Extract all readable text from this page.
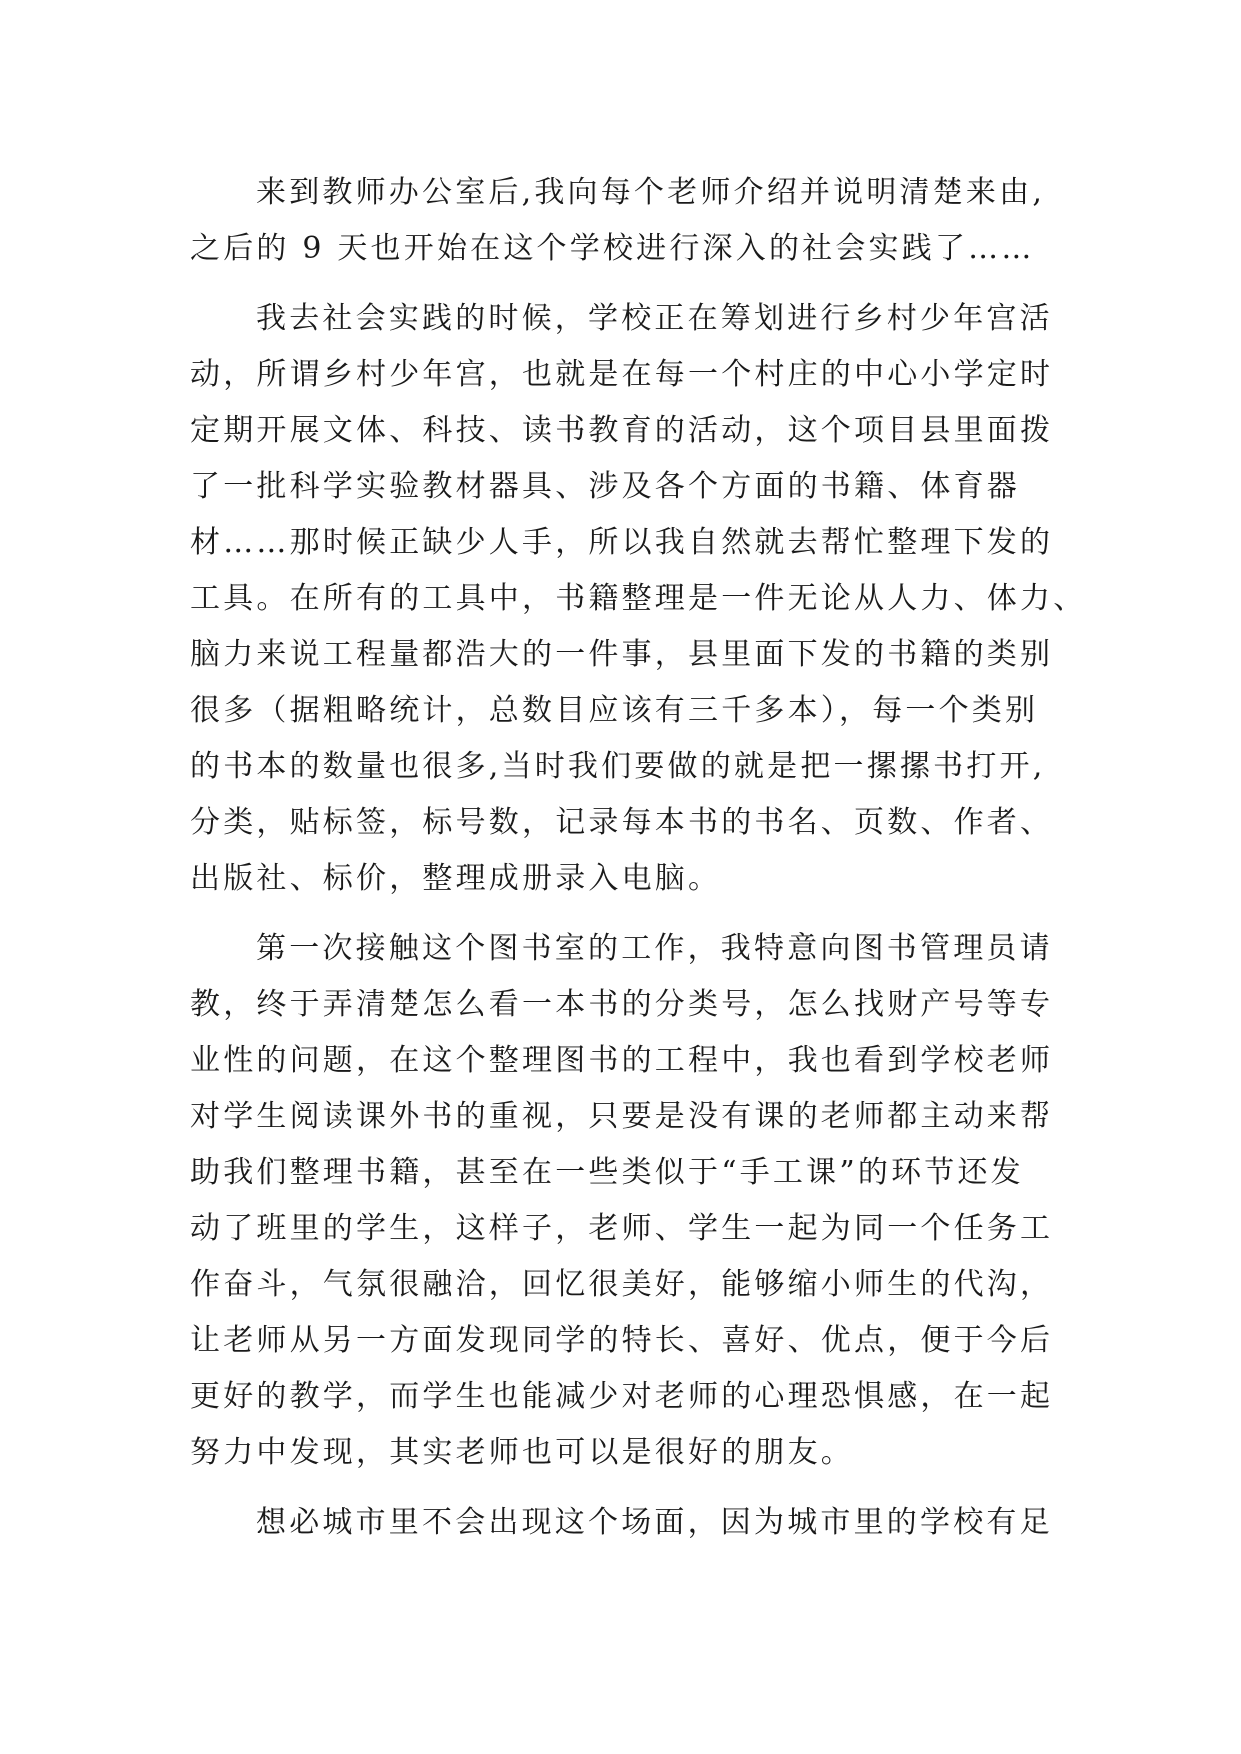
来到教师办公室后,我向每个老师介绍并说明清楚来由,
之后的 9 天也开始在这个学校进行深入的社会实践了……
我去社会实践的时候，学校正在筹划进行乡村少年宫活
动，所谓乡村少年宫，也就是在每一个村庄的中心小学定时
定期开展文体、科技、读书教育的活动，这个项目县里面拨
了一批科学实验教材器具、涉及各个方面的书籍、体育器
材……那时候正缺少人手，所以我自然就去帮忙整理下发的
工具。在所有的工具中，书籍整理是一件无论从人力、体力、
脑力来说工程量都浩大的一件事，县里面下发的书籍的类别
很多（据粗略统计，总数目应该有三千多本），每一个类别
的书本的数量也很多,当时我们要做的就是把一摞摞书打开,
分类，贴标签，标号数，记录每本书的书名、页数、作者、
出版社、标价，整理成册录入电脑。
第一次接触这个图书室的工作，我特意向图书管理员请
教，终于弄清楚怎么看一本书的分类号，怎么找财产号等专
业性的问题，在这个整理图书的工程中，我也看到学校老师
对学生阅读课外书的重视，只要是没有课的老师都主动来帮
助我们整理书籍，甚至在一些类似于“手工课”的环节还发
动了班里的学生，这样子，老师、学生一起为同一个任务工
作奋斗，气氛很融洽，回忆很美好，能够缩小师生的代沟，
让老师从另一方面发现同学的特长、喜好、优点，便于今后
更好的教学，而学生也能减少对老师的心理恐惧感，在一起
努力中发现，其实老师也可以是很好的朋友。
想必城市里不会出现这个场面，因为城市里的学校有足
